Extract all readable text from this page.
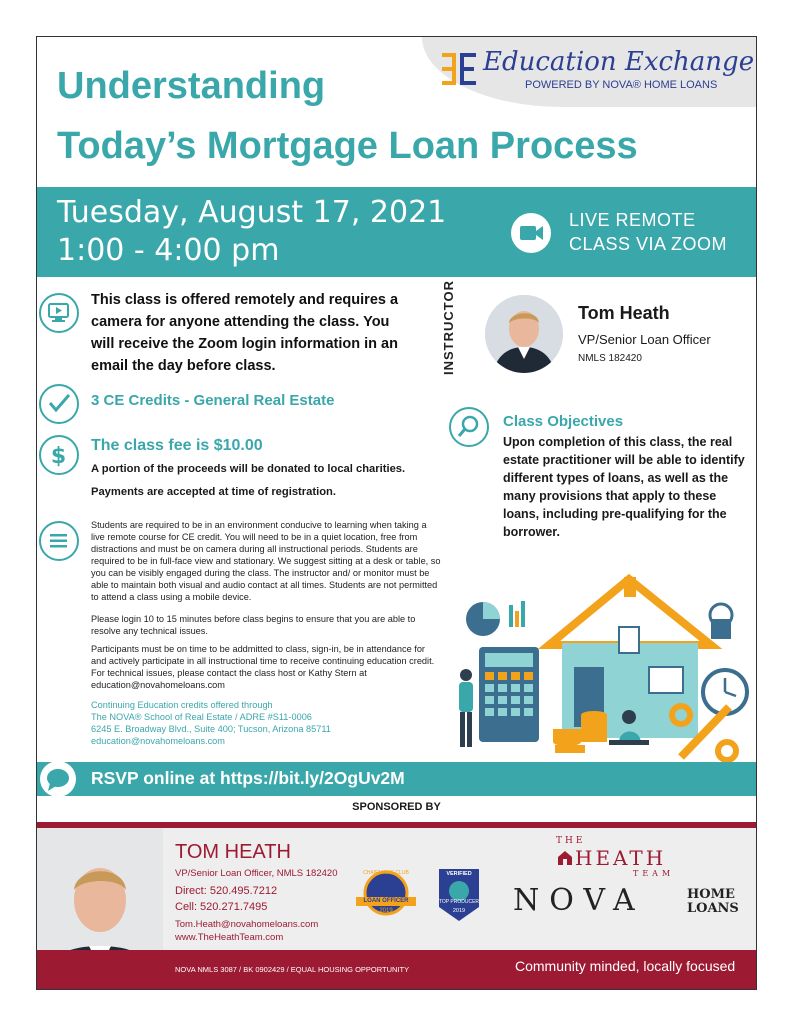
Education Exchange
POWERED BY NOVA® HOME LOANS
Understanding
Today’s Mortgage Loan Process
Tuesday, August 17, 2021
1:00 - 4:00 pm
LIVE REMOTE
CLASS VIA ZOOM
This class is offered remotely and requires a camera for anyone attending the class. You will receive the Zoom login information in an email the day before class.
3 CE Credits - General Real Estate
$ The class fee is $10.00
A portion of the proceeds will be donated to local charities.
Payments are accepted at time of registration.
Students are required to be in an environment conducive to learning when taking a live remote course for CE credit. You will need to be in a quiet location, free from distractions and must be on camera during all instructional periods. Students are required to be in full-face view and stationary. We suggest sitting at a desk or table, so you can be visibly engaged during the class. The instructor and/ or monitor must be able to maintain both visual and audio contact at all times. Students are not permitted to attend a class using a mobile device.
Please login 10 to 15 minutes before class begins to ensure that you are able to resolve any technical issues.
Participants must be on time to be addmitted to class, sign-in, be in attendance for and actively participate in all instructional time to receive continuing education credit. For technical issues, please contact the class host or Kathy Stern at education@novahomeloans.com
Continuing Education credits offered through
The NOVA® School of Real Estate / ADRE #S11-0006
6245 E. Broadway Blvd., Suite 400; Tucson, Arizona 85711
education@novahomeloans.com
INSTRUCTOR	Tom Heath
VP/Senior Loan Officer
NMLS 182420
Class Objectives
Upon completion of this class, the real estate practitioner will be able to identify different types of loans, as well as the many provisions that apply to these loans, including pre-qualifying for the borrower.
RSVP online at https://bit.ly/2OgUv2M
SPONSORED BY
TOM HEATH
VP/Senior Loan Officer, NMLS 182420
Direct: 520.495.7212
Cell: 520.271.7495
Tom.Heath@novahomeloans.com
www.TheHeathTeam.com
CHAIRMAN'S CLUB
LOAN OFFICER
2019
VERIFIED
TOP PRODUCER
2019
THE
HEATH
TEAM
NOVA	HOME
LOANS
NOVA NMLS 3087 / BK 0902429 / EQUAL HOUSING OPPORTUNITY	Community minded, locally focused
